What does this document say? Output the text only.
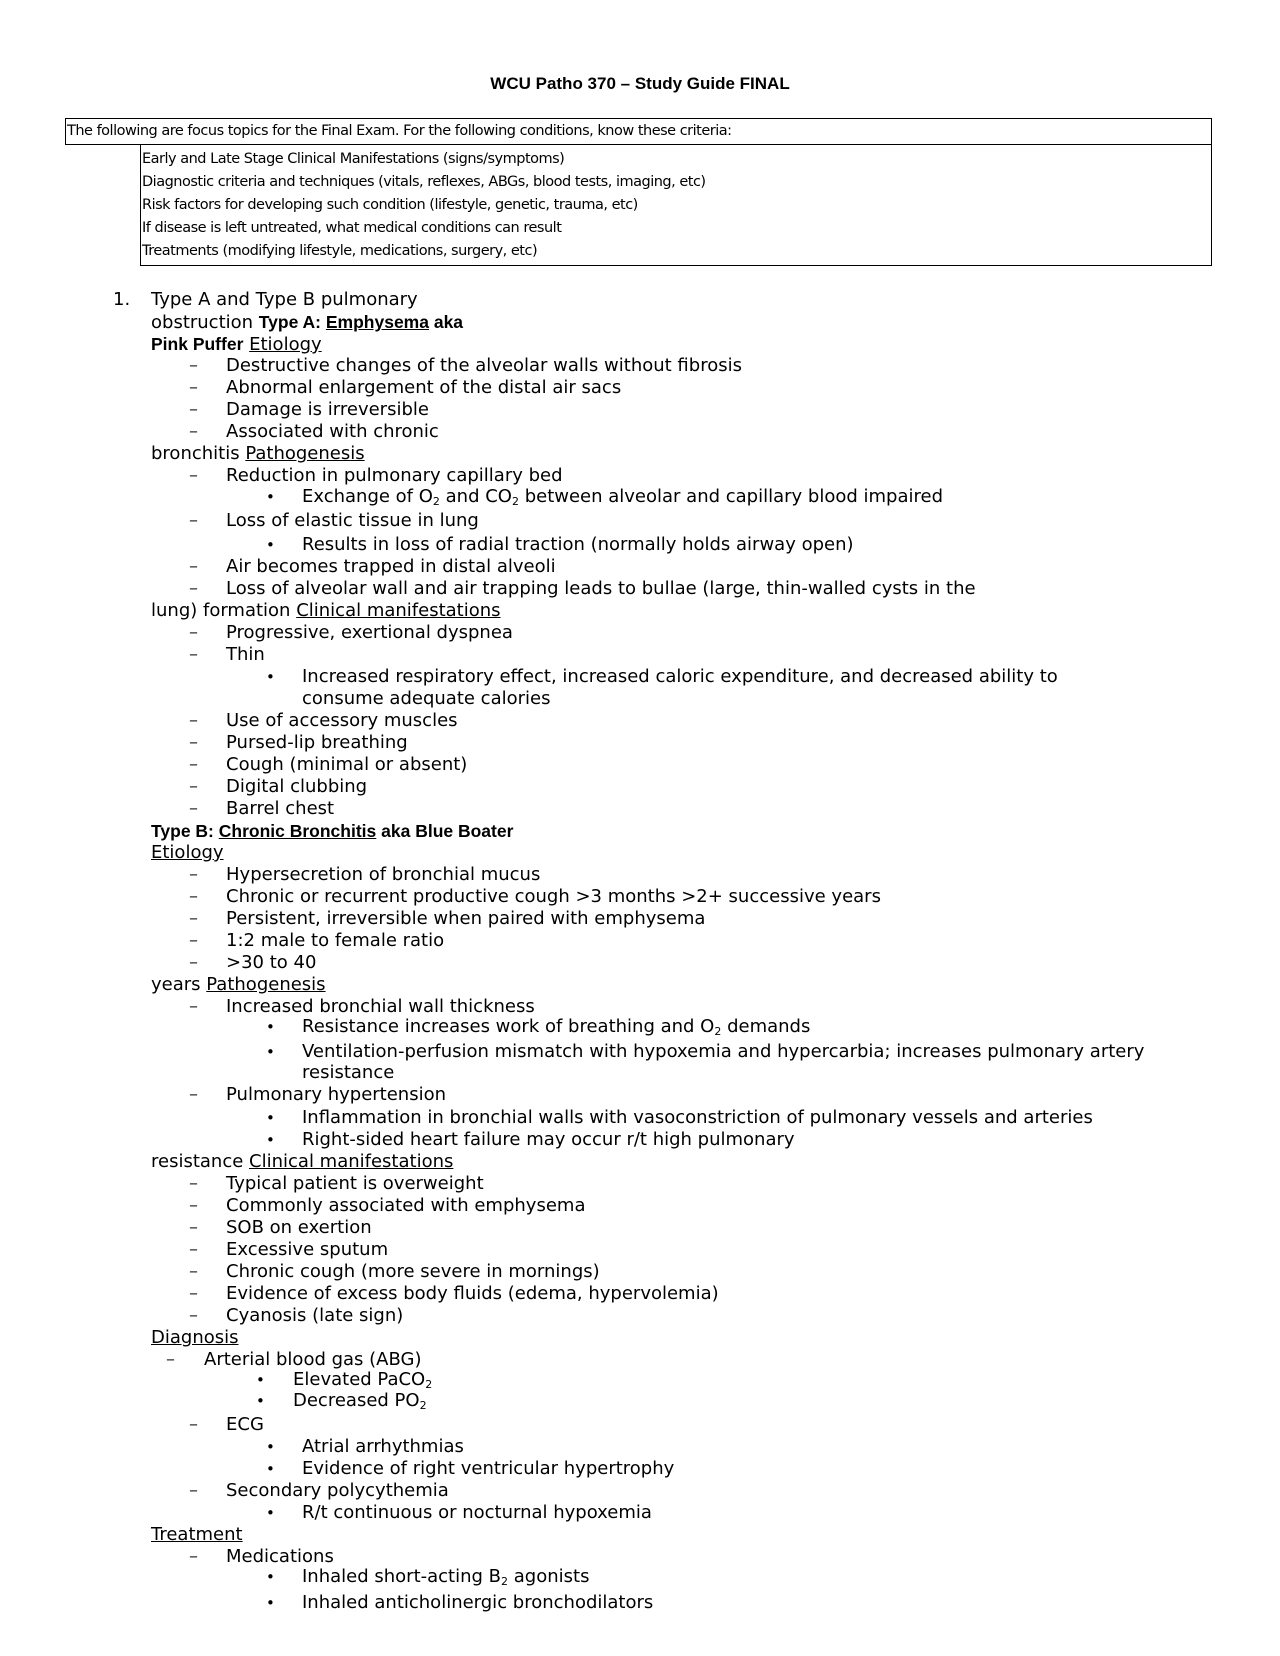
WCU Patho 370 – Study Guide FINAL
The following are focus topics for the Final Exam. For the following conditions, know these criteria:
Early and Late Stage Clinical Manifestations (signs/symptoms)
Diagnostic criteria and techniques (vitals, reflexes, ABGs, blood tests, imaging, etc)
Risk factors for developing such condition (lifestyle, genetic, trauma, etc)
If disease is left untreated, what medical conditions can result
Treatments (modifying lifestyle, medications, surgery, etc)
1. Type A and Type B pulmonary
obstruction Type A: Emphysema aka
Pink Puffer Etiology
– Destructive changes of the alveolar walls without fibrosis
– Abnormal enlargement of the distal air sacs
– Damage is irreversible
– Associated with chronic
bronchitis Pathogenesis
– Reduction in pulmonary capillary bed
• Exchange of $O_2$ and $CO_2$ between alveolar and capillary blood impaired
– Loss of elastic tissue in lung
• Results in loss of radial traction (normally holds airway open)
– Air becomes trapped in distal alveoli
– Loss of alveolar wall and air trapping leads to bullae (large, thin-walled cysts in the
lung) formation Clinical manifestations
– Progressive, exertional dyspnea
– Thin
• Increased respiratory effect, increased caloric expenditure, and decreased ability to
consume adequate calories
– Use of accessory muscles
– Pursed-lip breathing
– Cough (minimal or absent)
– Digital clubbing
– Barrel chest
Type B: Chronic Bronchitis aka Blue Boater
Etiology
– Hypersecretion of bronchial mucus
– Chronic or recurrent productive cough >3 months >2+ successive years
– Persistent, irreversible when paired with emphysema
– 1:2 male to female ratio
– >30 to 40
years Pathogenesis
– Increased bronchial wall thickness
• Resistance increases work of breathing and $O_2$ demands
• Ventilation-perfusion mismatch with hypoxemia and hypercarbia; increases pulmonary artery
resistance
– Pulmonary hypertension
• Inflammation in bronchial walls with vasoconstriction of pulmonary vessels and arteries
• Right-sided heart failure may occur r/t high pulmonary
resistance Clinical manifestations
– Typical patient is overweight
– Commonly associated with emphysema
– SOB on exertion
– Excessive sputum
– Chronic cough (more severe in mornings)
– Evidence of excess body fluids (edema, hypervolemia)
– Cyanosis (late sign)
Diagnosis
– Arterial blood gas (ABG)
• Elevated PaCO$_2$
• Decreased $PO_2$
– ECG
• Atrial arrhythmias
• Evidence of right ventricular hypertrophy
– Secondary polycythemia
• R/t continuous or nocturnal hypoxemia
Treatment
– Medications
• Inhaled short-acting $B_2$ agonists
• Inhaled anticholinergic bronchodilators
